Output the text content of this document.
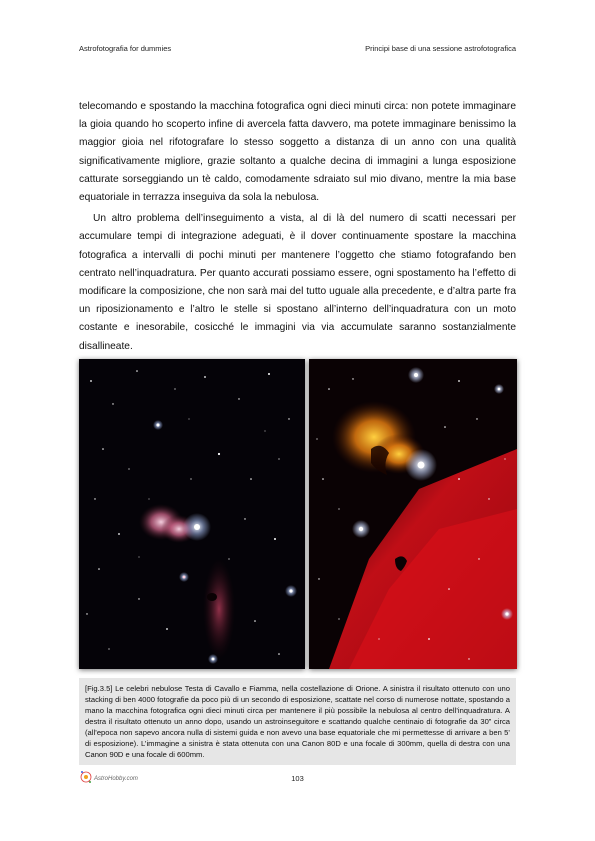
Astrofotografia for dummies	Principi base di una sessione astrofotografica

telecomando e spostando la macchina fotografica ogni dieci minuti circa: non potete immaginare la gioia quando ho scoperto infine di avercela fatta davvero, ma potete immaginare benissimo la maggior gioia nel rifotografare lo stesso soggetto a distanza di un anno con una qualità significativamente migliore, grazie soltanto a qualche decina di immagini a lunga esposizione catturate sorseggiando un tè caldo, comodamente sdraiato sul mio divano, mentre la mia base equatoriale in terrazza inseguiva da sola la nebulosa.

Un altro problema dell’inseguimento a vista, al di là del numero di scatti necessari per accumulare tempi di integrazione adeguati, è il dover continuamente spostare la macchina fotografica a intervalli di pochi minuti per mantenere l’oggetto che stiamo fotografando ben centrato nell’inquadratura. Per quanto accurati possiamo essere, ogni spostamento ha l’effetto di modificare la composizione, che non sarà mai del tutto uguale alla precedente, e d’altra parte fra un riposizionamento e l’altro le stelle si spostano all’interno dell’inquadratura con un moto costante e inesorabile, cosicché le immagini via via accumulate saranno sostanzialmente disallineate.

[Fig.3.5] Le celebri nebulose Testa di Cavallo e Fiamma, nella costellazione di Orione. A sinistra il risultato ottenuto con uno stacking di ben 4000 fotografie da poco più di un secondo di esposizione, scattate nel corso di numerose nottate, spostando a mano la macchina fotografica ogni dieci minuti circa per mantenere il più possibile la nebulosa al centro dell’inquadratura. A destra il risultato ottenuto un anno dopo, usando un astroinseguitore e scattando qualche centinaio di fotografie da 30” circa (all’epoca non sapevo ancora nulla di sistemi guida e non avevo una base equatoriale che mi permettesse di arrivare a ben 5’ di esposizione). L’immagine a sinistra è stata ottenuta con una Canon 80D e una focale di 300mm, quella di destra con una Canon 90D e una focale di 600mm.
AstroHobby.com	103
